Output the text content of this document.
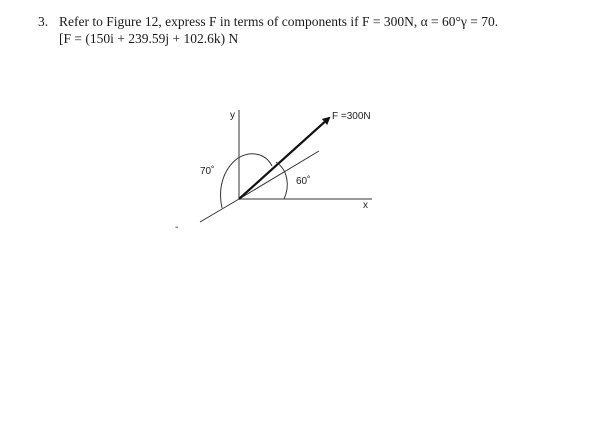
3. Refer to Figure 12, express F in terms of components if F = 300N, α = 60°γ = 70.
[F = (150i + 239.59j + 102.6k) N
F =300N
y
x
70˚
60˚
-
